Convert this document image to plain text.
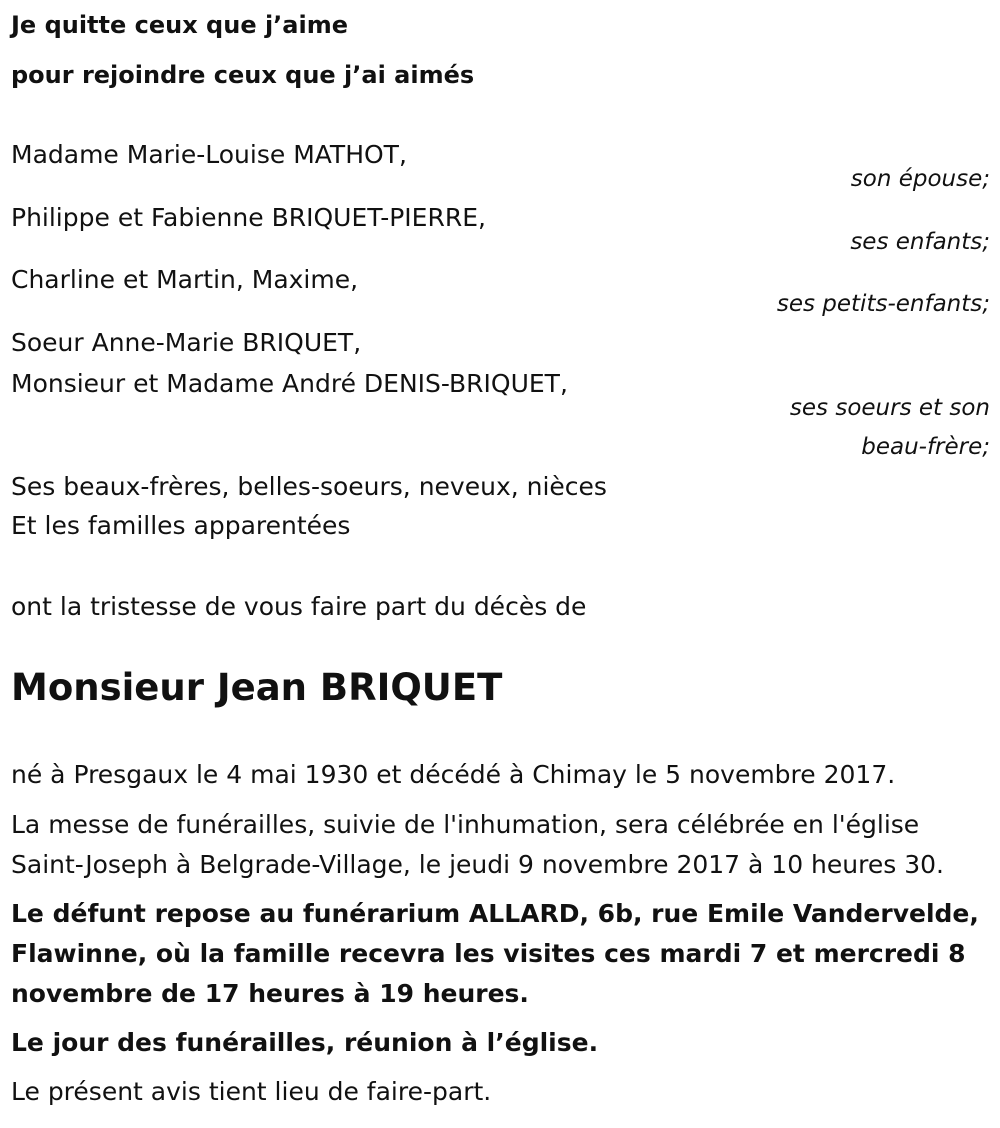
Je quitte ceux que j’aime
pour rejoindre ceux que j’ai aimés
Madame Marie-Louise MATHOT,
son épouse;
Philippe et Fabienne BRIQUET-PIERRE,
ses enfants;
Charline et Martin, Maxime,
ses petits-enfants;
Soeur Anne-Marie BRIQUET,
Monsieur et Madame André DENIS-BRIQUET,
ses soeurs et son
beau-frère;
Ses beaux-frères, belles-soeurs, neveux, nièces
Et les familles apparentées
ont la tristesse de vous faire part du décès de
Monsieur Jean BRIQUET
né à Presgaux le 4 mai 1930 et décédé à Chimay le 5 novembre 2017.
La messe de funérailles, suivie de l'inhumation, sera célébrée en l'église
Saint-Joseph à Belgrade-Village, le jeudi 9 novembre 2017 à 10 heures 30.
Le défunt repose au funérarium ALLARD, 6b, rue Emile Vandervelde,
Flawinne, où la famille recevra les visites ces mardi 7 et mercredi 8
novembre de 17 heures à 19 heures.
Le jour des funérailles, réunion à l’église.
Le présent avis tient lieu de faire-part.
